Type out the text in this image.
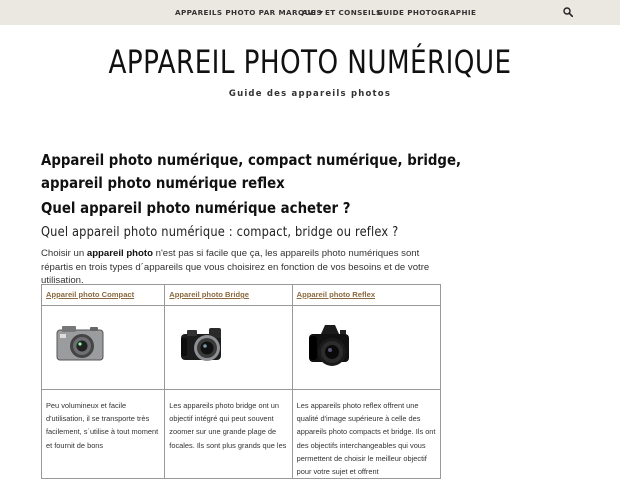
APPAREILS PHOTO PAR MARQUE
AVIS ET CONSEILS
GUIDE PHOTOGRAPHIE
APPAREIL PHOTO NUMÉRIQUE
Guide des appareils photos
Appareil photo numérique, compact numérique, bridge,
appareil photo numérique reflex
Quel appareil photo numérique acheter ?
Quel appareil photo numérique : compact, bridge ou reflex ?
Choisir un appareil photo n'est pas si facile que ça, les appareils photo numériques sont répartis en trois types d´appareils que vous choisirez en fonction de vos besoins et de votre utilisation.
Appareil photo Compact	Appareil photo Bridge	Appareil photo Reflex

Peu volumineux et facile d'utilisation, il se transporte très facilement, s´utilise à tout moment et fournit de bons	Les appareils photo bridge ont un objectif intégré qui peut souvent zoomer sur une grande plage de focales. Ils sont plus grands que les	Les appareils photo reflex offrent une qualité d'image supérieure à celle des appareils photo compacts et bridge. Ils ont des objectifs interchangeables qui vous permettent de choisir le meilleur objectif pour votre sujet et offrent
